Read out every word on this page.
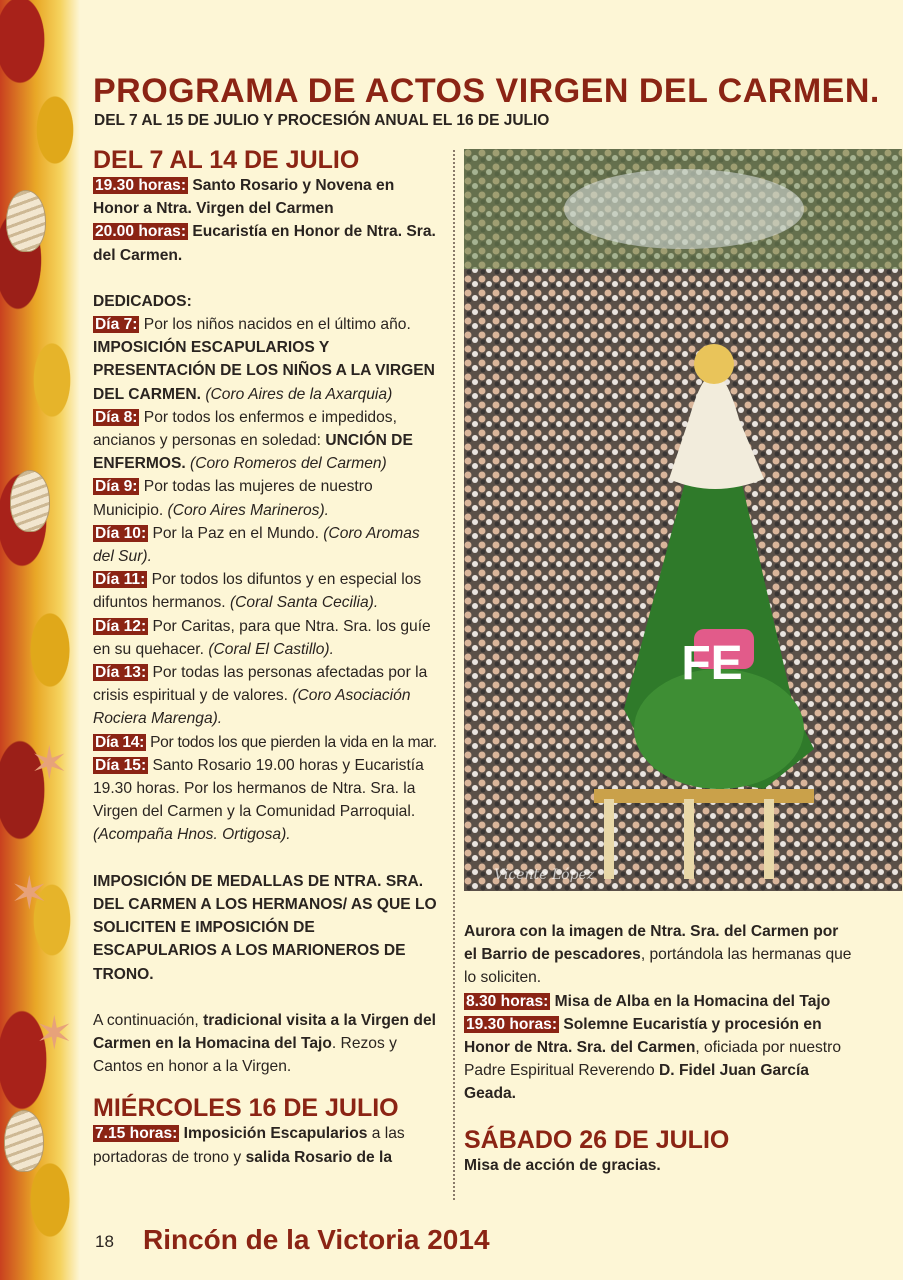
✶
✶
✶
PROGRAMA DE ACTOS VIRGEN DEL CARMEN.
DEL 7 AL 15 DE JULIO Y PROCESIÓN ANUAL EL 16 DE JULIO
DEL 7 AL 14 DE JULIO

19.30 horas: Santo Rosario y Novena en Honor a Ntra. Virgen del Carmen

20.00 horas: Eucaristía en Honor de Ntra. Sra. del Carmen.

DEDICADOS:

Día 7: Por los niños nacidos en el último año. IMPOSICIÓN ESCAPULARIOS Y PRESENTACIÓN DE LOS NIÑOS A LA VIRGEN DEL CARMEN. (Coro Aires de la Axarquia)

Día 8: Por todos los enfermos e impedidos, ancianos y personas en soledad: UNCIÓN DE ENFERMOS. (Coro Romeros del Carmen)

Día 9: Por todas las mujeres de nuestro Municipio. (Coro Aires Marineros).

Día 10: Por la Paz en el Mundo. (Coro Aromas del Sur).

Día 11: Por todos los difuntos y en especial los difuntos hermanos. (Coral Santa Cecilia).

Día 12: Por Caritas, para que Ntra. Sra. los guíe en su quehacer. (Coral El Castillo).

Día 13: Por todas las personas afectadas por la crisis espiritual y de valores. (Coro Asociación Rociera Marenga).

Día 14: Por todos los que pierden la vida en la mar.

Día 15: Santo Rosario 19.00 horas y Eucaristía 19.30 horas. Por los hermanos de Ntra. Sra. la Virgen del Carmen y la Comunidad Parroquial. (Acompaña Hnos. Ortigosa).

IMPOSICIÓN DE MEDALLAS DE NTRA. SRA. DEL CARMEN A LOS HERMANOS/ AS QUE LO SOLICITEN E IMPOSICIÓN DE ESCAPULARIOS A LOS MARIONEROS DE TRONO.

A continuación, tradicional visita a la Virgen del Carmen en la Homacina del Tajo. Rezos y Cantos en honor a la Virgen.

MIÉRCOLES 16 DE JULIO

7.15 horas: Imposición Escapularios a las portadoras de trono y salida Rosario de la

FE
Vicente López

Aurora con la imagen de Ntra. Sra. del Carmen por el Barrio de pescadores, portándola las hermanas que lo soliciten.

8.30 horas: Misa de Alba en la Homacina del Tajo

19.30 horas: Solemne Eucaristía y procesión en Honor de Ntra. Sra. del Carmen, oficiada por nuestro Padre Espiritual Reverendo D. Fidel Juan García Geada.

SÁBADO 26 DE JULIO

Misa de acción de gracias.

18 Rincón de la Victoria 2014
